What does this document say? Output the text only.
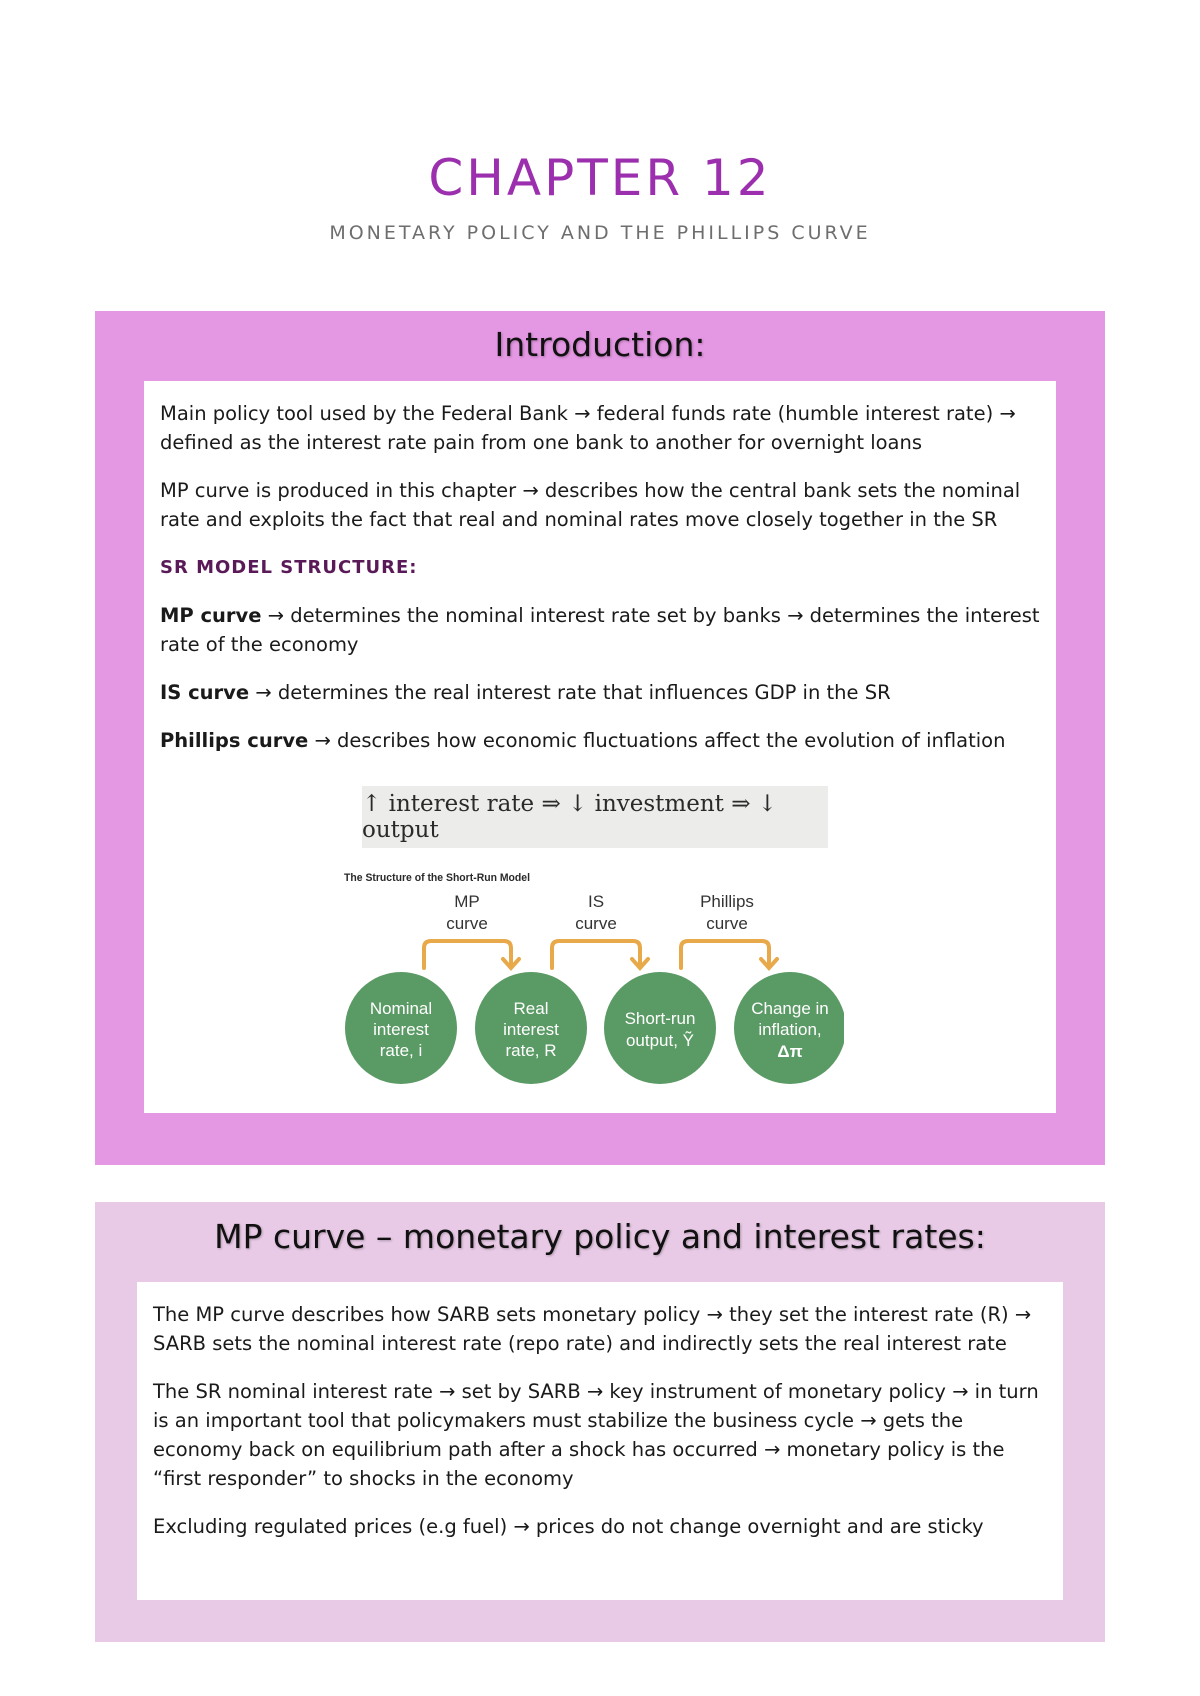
CHAPTER 12

MONETARY POLICY AND THE PHILLIPS CURVE

Introduction:

Main policy tool used by the Federal Bank → federal funds rate (humble interest rate) → defined as the interest rate pain from one bank to another for overnight loans

MP curve is produced in this chapter → describes how the central bank sets the nominal rate and exploits the fact that real and nominal rates move closely together in the SR

SR MODEL STRUCTURE:

MP curve → determines the nominal interest rate set by banks → determines the interest rate of the economy

IS curve → determines the real interest rate that influences GDP in the SR

Phillips curve → describes how economic fluctuations affect the evolution of inflation

↑ interest rate ⇒ ↓ investment ⇒ ↓ output
The Structure of the Short-Run Model
MP
curve
IS
curve
Phillips
curve
Nominal
interest
rate, i
Real
interest
rate, R
Short-run
output, Ỹ
Change in
inflation,
Δπ
MP curve – monetary policy and interest rates:

The MP curve describes how SARB sets monetary policy → they set the interest rate (R) → SARB sets the nominal interest rate (repo rate) and indirectly sets the real interest rate

The SR nominal interest rate → set by SARB → key instrument of monetary policy → in turn is an important tool that policymakers must stabilize the business cycle → gets the economy back on equilibrium path after a shock has occurred → monetary policy is the “first responder” to shocks in the economy

Excluding regulated prices (e.g fuel) → prices do not change overnight and are sticky
